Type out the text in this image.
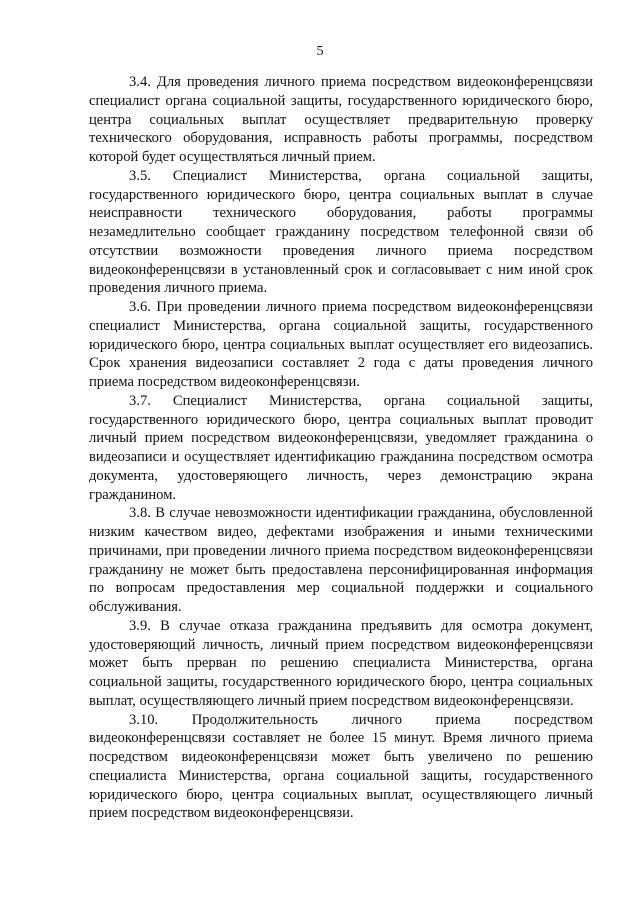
5

3.4. Для проведения личного приема посредством видеоконференцсвязи специалист органа социальной защиты, государственного юридического бюро, центра социальных выплат осуществляет предварительную проверку технического оборудования, исправность работы программы, посредством которой будет осуществляться личный прием.

3.5. Специалист Министерства, органа социальной защиты, государственного юридического бюро, центра социальных выплат в случае неисправности технического оборудования, работы программы незамедлительно сообщает гражданину посредством телефонной связи об отсутствии возможности проведения личного приема посредством видеоконференцсвязи в установленный срок и согласовывает с ним иной срок проведения личного приема.

3.6. При проведении личного приема посредством видеоконференцсвязи специалист Министерства, органа социальной защиты, государственного юридического бюро, центра социальных выплат осуществляет его видеозапись. Срок хранения видеозаписи составляет 2 года с даты проведения личного приема посредством видеоконференцсвязи.

3.7. Специалист Министерства, органа социальной защиты, государственного юридического бюро, центра социальных выплат проводит личный прием посредством видеоконференцсвязи, уведомляет гражданина о видеозаписи и осуществляет идентификацию гражданина посредством осмотра документа, удостоверяющего личность, через демонстрацию экрана гражданином.

3.8. В случае невозможности идентификации гражданина, обусловленной низким качеством видео, дефектами изображения и иными техническими причинами, при проведении личного приема посредством видеоконференцсвязи гражданину не может быть предоставлена персонифицированная информация по вопросам предоставления мер социальной поддержки и социального обслуживания.

3.9. В случае отказа гражданина предъявить для осмотра документ, удостоверяющий личность, личный прием посредством видеоконференцсвязи может быть прерван по решению специалиста Министерства, органа социальной защиты, государственного юридического бюро, центра социальных выплат, осуществляющего личный прием посредством видеоконференцсвязи.

3.10. Продолжительность личного приема посредством видеоконференцсвязи составляет не более 15 минут. Время личного приема посредством видеоконференцсвязи может быть увеличено по решению специалиста Министерства, органа социальной защиты, государственного юридического бюро, центра социальных выплат, осуществляющего личный прием посредством видеоконференцсвязи.
